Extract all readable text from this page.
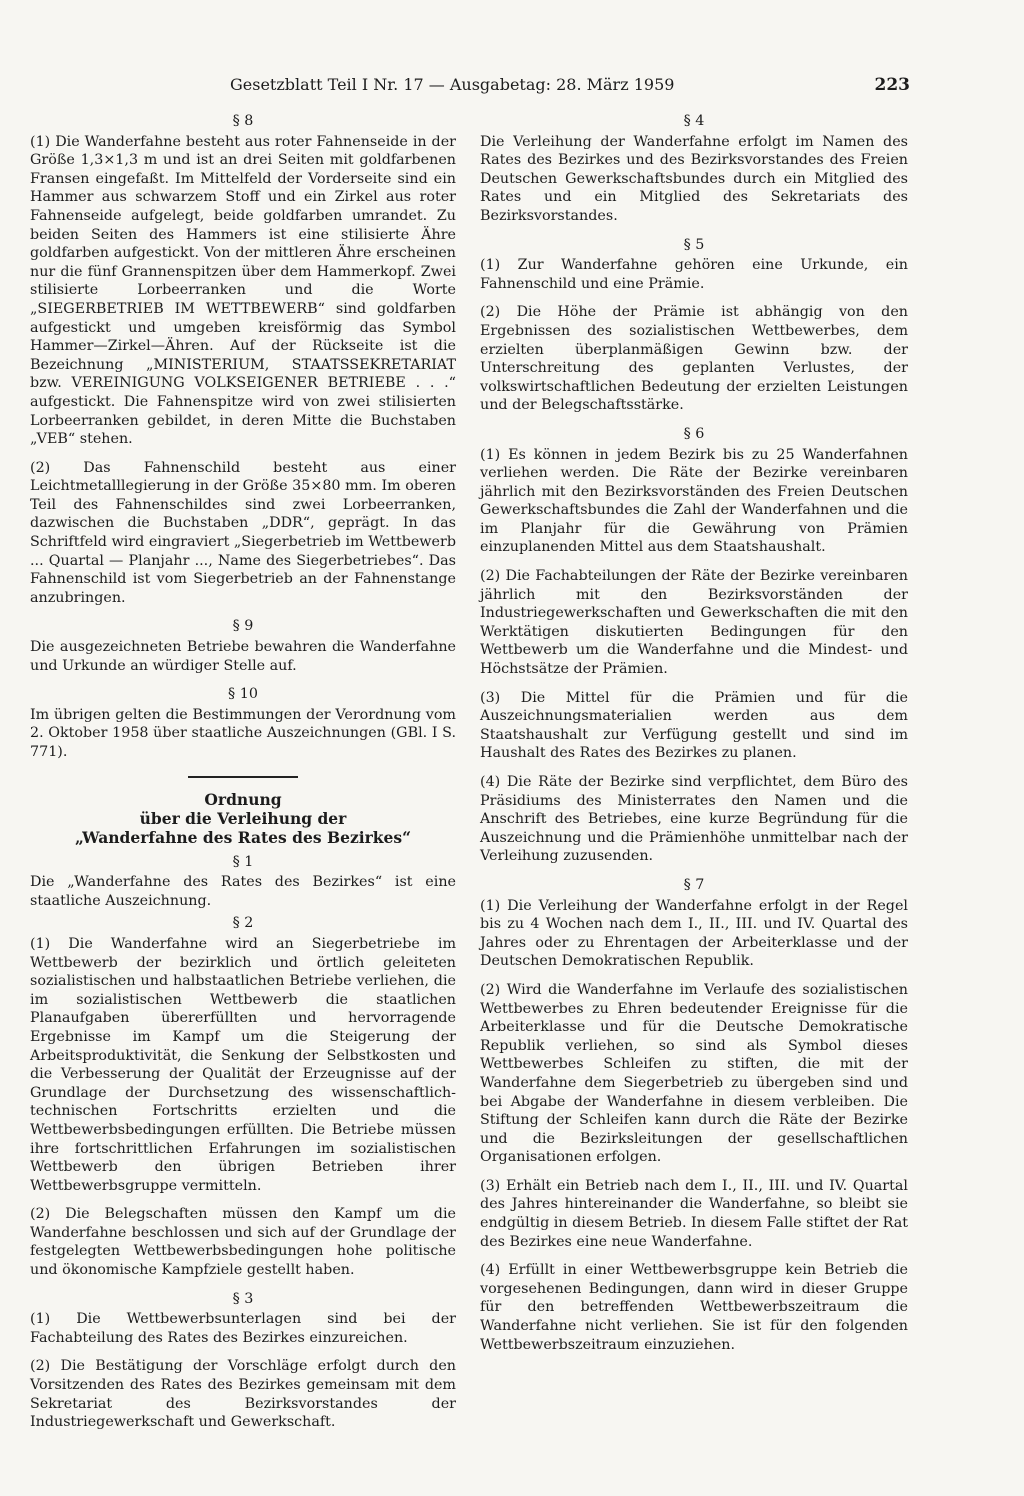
Gesetzblatt Teil I Nr. 17 — Ausgabetag: 28. März 1959	223
§ 8

(1) Die Wanderfahne besteht aus roter Fahnenseide in der Größe 1,3×1,3 m und ist an drei Seiten mit goldfarbenen Fransen eingefaßt. Im Mittelfeld der Vorderseite sind ein Hammer aus schwarzem Stoff und ein Zirkel aus roter Fahnenseide aufgelegt, beide goldfarben umrandet. Zu beiden Seiten des Hammers ist eine stilisierte Ähre goldfarben aufgestickt. Von der mittleren Ähre erscheinen nur die fünf Grannenspitzen über dem Hammerkopf. Zwei stilisierte Lorbeerranken und die Worte „SIEGERBETRIEB IM WETTBEWERB“ sind goldfarben aufgestickt und umgeben kreisförmig das Symbol Hammer—Zirkel—Ähren. Auf der Rückseite ist die Bezeichnung „MINISTERIUM, STAATSSEKRETARIAT bzw. VEREINIGUNG VOLKSEIGENER BETRIEBE . . .“ aufgestickt. Die Fahnenspitze wird von zwei stilisierten Lorbeerranken gebildet, in deren Mitte die Buchstaben „VEB“ stehen.

(2) Das Fahnenschild besteht aus einer Leichtmetalllegierung in der Größe 35×80 mm. Im oberen Teil des Fahnenschildes sind zwei Lorbeerranken, dazwischen die Buchstaben „DDR“, geprägt. In das Schriftfeld wird eingraviert „Siegerbetrieb im Wettbewerb ... Quartal — Planjahr ..., Name des Siegerbetriebes“. Das Fahnenschild ist vom Siegerbetrieb an der Fahnenstange anzubringen.

§ 9

Die ausgezeichneten Betriebe bewahren die Wanderfahne und Urkunde an würdiger Stelle auf.

§ 10

Im übrigen gelten die Bestimmungen der Verordnung vom 2. Oktober 1958 über staatliche Auszeichnungen (GBl. I S. 771).

Ordnung
über die Verleihung der
„Wanderfahne des Rates des Bezirkes“
§ 1

Die „Wanderfahne des Rates des Bezirkes“ ist eine staatliche Auszeichnung.

§ 2

(1) Die Wanderfahne wird an Siegerbetriebe im Wettbewerb der bezirklich und örtlich geleiteten sozialistischen und halbstaatlichen Betriebe verliehen, die im sozialistischen Wettbewerb die staatlichen Planaufgaben übererfüllten und hervorragende Ergebnisse im Kampf um die Steigerung der Arbeitsproduktivität, die Senkung der Selbstkosten und die Verbesserung der Qualität der Erzeugnisse auf der Grundlage der Durchsetzung des wissenschaftlich-technischen Fortschritts erzielten und die Wettbewerbsbedingungen erfüllten. Die Betriebe müssen ihre fortschrittlichen Erfahrungen im sozialistischen Wettbewerb den übrigen Betrieben ihrer Wettbewerbsgruppe vermitteln.

(2) Die Belegschaften müssen den Kampf um die Wanderfahne beschlossen und sich auf der Grundlage der festgelegten Wettbewerbsbedingungen hohe politische und ökonomische Kampfziele gestellt haben.

§ 3

(1) Die Wettbewerbsunterlagen sind bei der Fachabteilung des Rates des Bezirkes einzureichen.

(2) Die Bestätigung der Vorschläge erfolgt durch den Vorsitzenden des Rates des Bezirkes gemeinsam mit dem Sekretariat des Bezirksvorstandes der Industriegewerkschaft und Gewerkschaft.

§ 4

Die Verleihung der Wanderfahne erfolgt im Namen des Rates des Bezirkes und des Bezirksvorstandes des Freien Deutschen Gewerkschaftsbundes durch ein Mitglied des Rates und ein Mitglied des Sekretariats des Bezirksvorstandes.

§ 5

(1) Zur Wanderfahne gehören eine Urkunde, ein Fahnenschild und eine Prämie.

(2) Die Höhe der Prämie ist abhängig von den Ergebnissen des sozialistischen Wettbewerbes, dem erzielten überplanmäßigen Gewinn bzw. der Unterschreitung des geplanten Verlustes, der volkswirtschaftlichen Bedeutung der erzielten Leistungen und der Belegschaftsstärke.

§ 6

(1) Es können in jedem Bezirk bis zu 25 Wanderfahnen verliehen werden. Die Räte der Bezirke vereinbaren jährlich mit den Bezirksvorständen des Freien Deutschen Gewerkschaftsbundes die Zahl der Wanderfahnen und die im Planjahr für die Gewährung von Prämien einzuplanenden Mittel aus dem Staatshaushalt.

(2) Die Fachabteilungen der Räte der Bezirke vereinbaren jährlich mit den Bezirksvorständen der Industriegewerkschaften und Gewerkschaften die mit den Werktätigen diskutierten Bedingungen für den Wettbewerb um die Wanderfahne und die Mindest- und Höchstsätze der Prämien.

(3) Die Mittel für die Prämien und für die Auszeichnungsmaterialien werden aus dem Staatshaushalt zur Verfügung gestellt und sind im Haushalt des Rates des Bezirkes zu planen.

(4) Die Räte der Bezirke sind verpflichtet, dem Büro des Präsidiums des Ministerrates den Namen und die Anschrift des Betriebes, eine kurze Begründung für die Auszeichnung und die Prämienhöhe unmittelbar nach der Verleihung zuzusenden.

§ 7

(1) Die Verleihung der Wanderfahne erfolgt in der Regel bis zu 4 Wochen nach dem I., II., III. und IV. Quartal des Jahres oder zu Ehrentagen der Arbeiterklasse und der Deutschen Demokratischen Republik.

(2) Wird die Wanderfahne im Verlaufe des sozialistischen Wettbewerbes zu Ehren bedeutender Ereignisse für die Arbeiterklasse und für die Deutsche Demokratische Republik verliehen, so sind als Symbol dieses Wettbewerbes Schleifen zu stiften, die mit der Wanderfahne dem Siegerbetrieb zu übergeben sind und bei Abgabe der Wanderfahne in diesem verbleiben. Die Stiftung der Schleifen kann durch die Räte der Bezirke und die Bezirksleitungen der gesellschaftlichen Organisationen erfolgen.

(3) Erhält ein Betrieb nach dem I., II., III. und IV. Quartal des Jahres hintereinander die Wanderfahne, so bleibt sie endgültig in diesem Betrieb. In diesem Falle stiftet der Rat des Bezirkes eine neue Wanderfahne.

(4) Erfüllt in einer Wettbewerbsgruppe kein Betrieb die vorgesehenen Bedingungen, dann wird in dieser Gruppe für den betreffenden Wettbewerbszeitraum die Wanderfahne nicht verliehen. Sie ist für den folgenden Wettbewerbszeitraum einzuziehen.
